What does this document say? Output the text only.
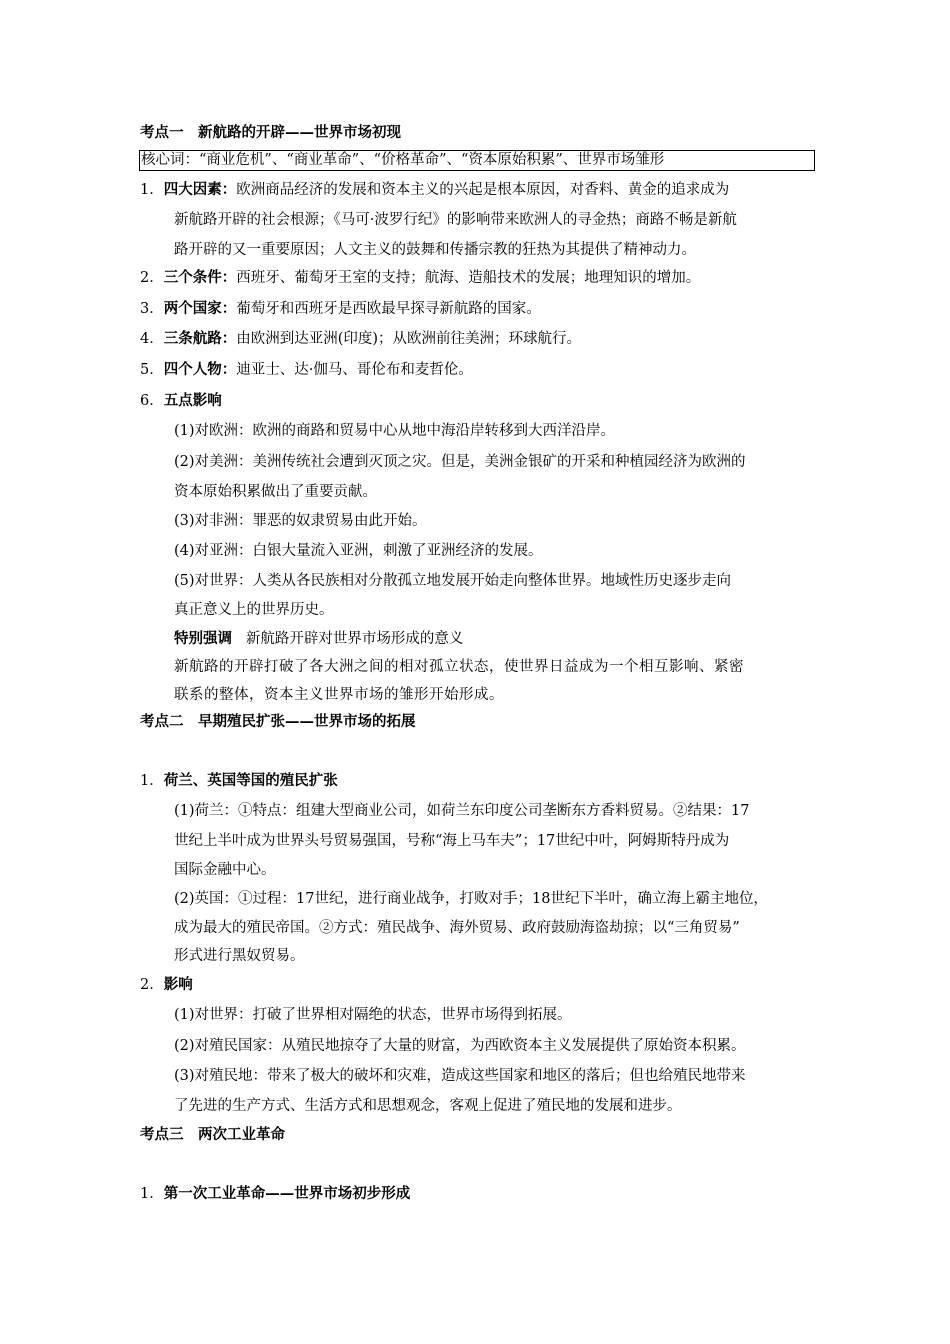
考点一　新航路的开辟——世界市场初现
核心词：“商业危机”、“商业革命”、“价格革命”、“资本原始积累”、世界市场雏形
1．四大因素：欧洲商品经济的发展和资本主义的兴起是根本原因，对香料、黄金的追求成为
新航路开辟的社会根源；《马可·波罗行纪》的影响带来欧洲人的寻金热；商路不畅是新航
路开辟的又一重要原因；人文主义的鼓舞和传播宗教的狂热为其提供了精神动力。
2．三个条件：西班牙、葡萄牙王室的支持；航海、造船技术的发展；地理知识的增加。
3．两个国家：葡萄牙和西班牙是西欧最早探寻新航路的国家。
4．三条航路：由欧洲到达亚洲(印度)；从欧洲前往美洲；环球航行。
5．四个人物：迪亚士、达·伽马、哥伦布和麦哲伦。
6．五点影响
(1)对欧洲：欧洲的商路和贸易中心从地中海沿岸转移到大西洋沿岸。
(2)对美洲：美洲传统社会遭到灭顶之灾。但是，美洲金银矿的开采和种植园经济为欧洲的
资本原始积累做出了重要贡献。
(3)对非洲：罪恶的奴隶贸易由此开始。
(4)对亚洲：白银大量流入亚洲，刺激了亚洲经济的发展。
(5)对世界：人类从各民族相对分散孤立地发展开始走向整体世界。地域性历史逐步走向
真正意义上的世界历史。
特别强调 新航路开辟对世界市场形成的意义
新航路的开辟打破了各大洲之间的相对孤立状态，使世界日益成为一个相互影响、紧密
联系的整体，资本主义世界市场的雏形开始形成。
考点二　早期殖民扩张——世界市场的拓展
1．荷兰、英国等国的殖民扩张
(1)荷兰：①特点：组建大型商业公司，如荷兰东印度公司垄断东方香料贸易。②结果：17
世纪上半叶成为世界头号贸易强国，号称“海上马车夫”；17世纪中叶，阿姆斯特丹成为
国际金融中心。
(2)英国：①过程：17世纪，进行商业战争，打败对手；18世纪下半叶，确立海上霸主地位，
成为最大的殖民帝国。②方式：殖民战争、海外贸易、政府鼓励海盗劫掠；以“三角贸易”
形式进行黑奴贸易。
2．影响
(1)对世界：打破了世界相对隔绝的状态，世界市场得到拓展。
(2)对殖民国家：从殖民地掠夺了大量的财富，为西欧资本主义发展提供了原始资本积累。
(3)对殖民地：带来了极大的破坏和灾难，造成这些国家和地区的落后；但也给殖民地带来
了先进的生产方式、生活方式和思想观念，客观上促进了殖民地的发展和进步。
考点三　两次工业革命
1．第一次工业革命——世界市场初步形成
